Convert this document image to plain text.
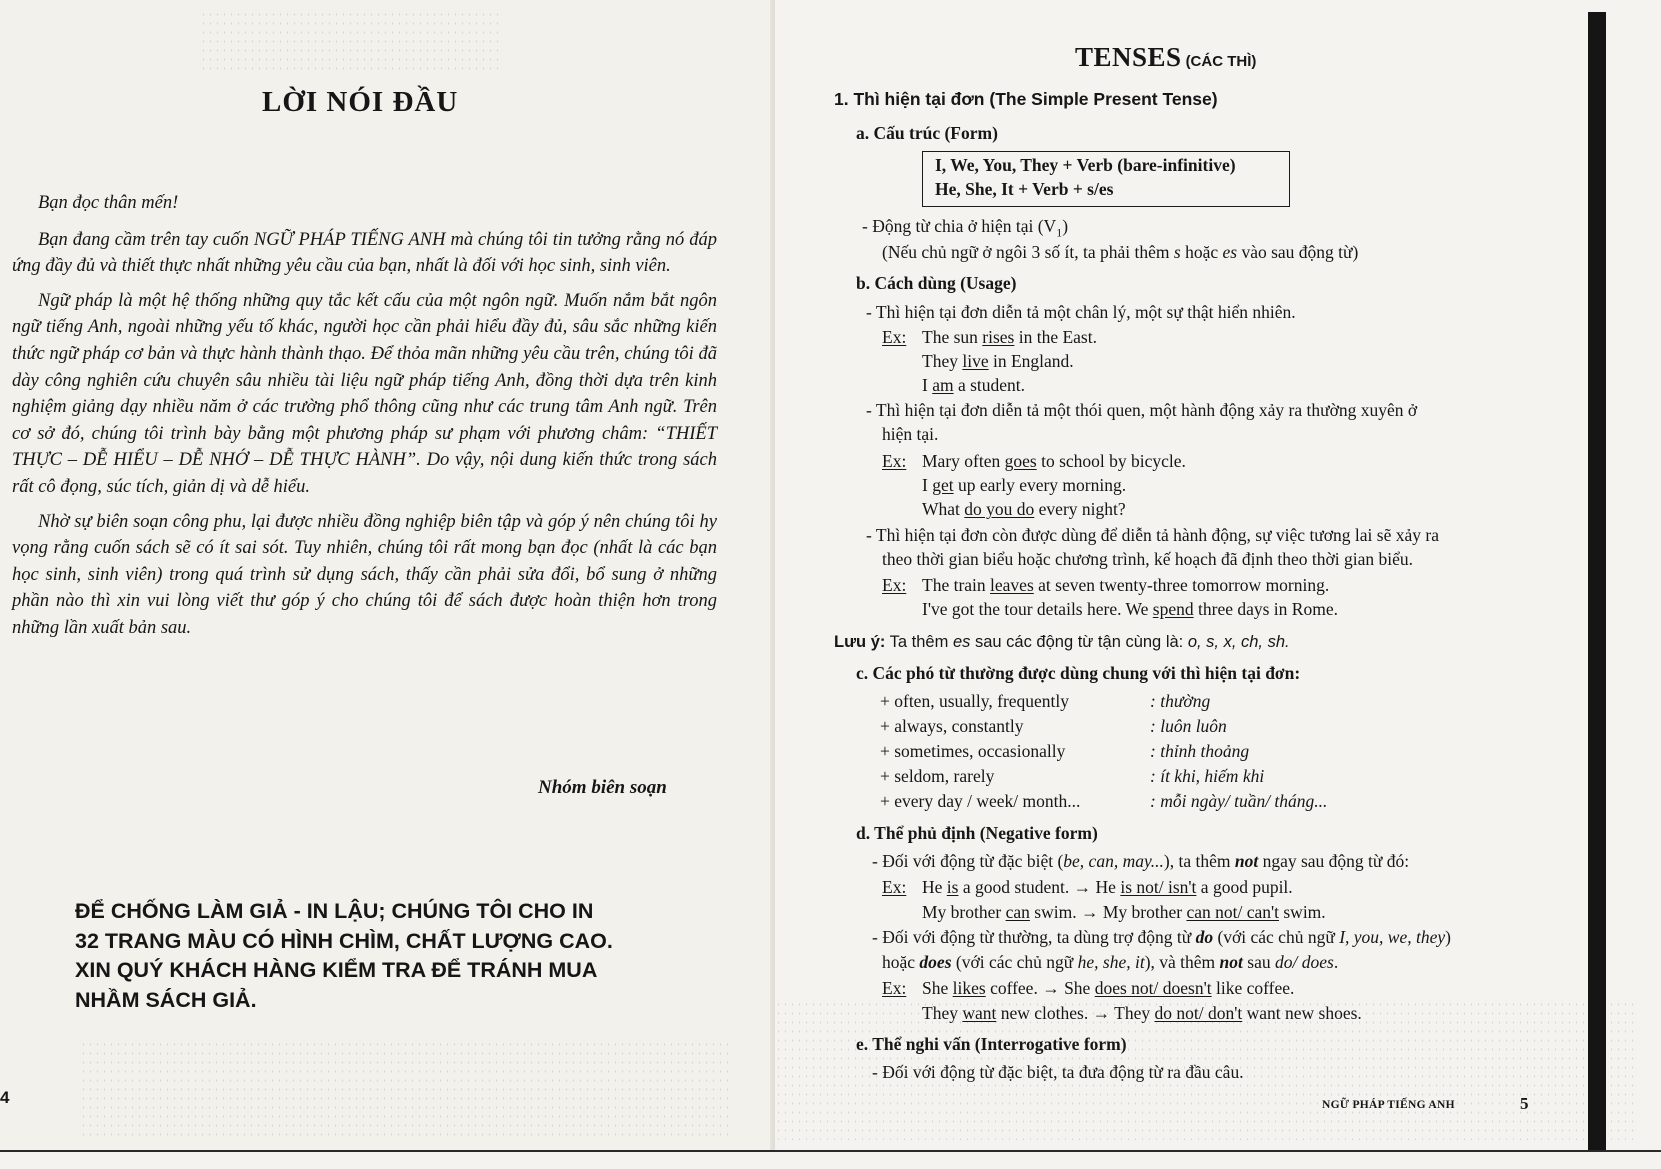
LỜI NÓI ĐẦU

Bạn đọc thân mến!

Bạn đang cầm trên tay cuốn NGỮ PHÁP TIẾNG ANH mà chúng tôi tin tưởng rằng nó đáp ứng đầy đủ và thiết thực nhất những yêu cầu của bạn, nhất là đối với học sinh, sinh viên.

Ngữ pháp là một hệ thống những quy tắc kết cấu của một ngôn ngữ. Muốn nắm bắt ngôn ngữ tiếng Anh, ngoài những yếu tố khác, người học cần phải hiểu đầy đủ, sâu sắc những kiến thức ngữ pháp cơ bản và thực hành thành thạo. Để thỏa mãn những yêu cầu trên, chúng tôi đã dày công nghiên cứu chuyên sâu nhiều tài liệu ngữ pháp tiếng Anh, đồng thời dựa trên kinh nghiệm giảng dạy nhiều năm ở các trường phổ thông cũng như các trung tâm Anh ngữ. Trên cơ sở đó, chúng tôi trình bày bằng một phương pháp sư phạm với phương châm: “THIẾT THỰC – DỄ HIỂU – DỄ NHỚ – DỄ THỰC HÀNH”. Do vậy, nội dung kiến thức trong sách rất cô đọng, súc tích, giản dị và dễ hiểu.

Nhờ sự biên soạn công phu, lại được nhiều đồng nghiệp biên tập và góp ý nên chúng tôi hy vọng rằng cuốn sách sẽ có ít sai sót. Tuy nhiên, chúng tôi rất mong bạn đọc (nhất là các bạn học sinh, sinh viên) trong quá trình sử dụng sách, thấy cần phải sửa đổi, bổ sung ở những phần nào thì xin vui lòng viết thư góp ý cho chúng tôi để sách được hoàn thiện hơn trong những lần xuất bản sau.

Nhóm biên soạn
ĐỂ CHỐNG LÀM GIẢ - IN LẬU; CHÚNG TÔI CHO IN
32 TRANG MÀU CÓ HÌNH CHÌM, CHẤT LƯỢNG CAO.
XIN QUÝ KHÁCH HÀNG KIỂM TRA ĐỂ TRÁNH MUA
NHẦM SÁCH GIẢ.
4
TENSES (CÁC THÌ)
1. Thì hiện tại đơn (The Simple Present Tense)
a. Cấu trúc (Form)
I, We, You, They + Verb (bare-infinitive)
He, She, It + Verb + s/es
- Động từ chia ở hiện tại $(V_1)$
(Nếu chủ ngữ ở ngôi 3 số ít, ta phải thêm s hoặc es vào sau động từ)
b. Cách dùng (Usage)
- Thì hiện tại đơn diễn tả một chân lý, một sự thật hiển nhiên.
Ex: The sun rises in the East.
They live in England.
I am a student.
- Thì hiện tại đơn diễn tả một thói quen, một hành động xảy ra thường xuyên ở
hiện tại.
Ex: Mary often goes to school by bicycle.
I get up early every morning.
What do you do every night?
- Thì hiện tại đơn còn được dùng để diễn tả hành động, sự việc tương lai sẽ xảy ra
theo thời gian biểu hoặc chương trình, kế hoạch đã định theo thời gian biểu.
Ex: The train leaves at seven twenty-three tomorrow morning.
I've got the tour details here. We spend three days in Rome.
Lưu ý: Ta thêm es sau các động từ tận cùng là: o, s, x, ch, sh.
c. Các phó từ thường được dùng chung với thì hiện tại đơn:
+ often, usually, frequently	: thường
+ always, constantly	: luôn luôn
+ sometimes, occasionally	: thỉnh thoảng
+ seldom, rarely	: ít khi, hiếm khi
+ every day / week/ month...	: mỗi ngày/ tuần/ tháng...
d. Thể phủ định (Negative form)
- Đối với động từ đặc biệt (be, can, may...), ta thêm not ngay sau động từ đó:
Ex: He is a good student. → He is not/ isn't a good pupil.
My brother can swim. → My brother can not/ can't swim.
- Đối với động từ thường, ta dùng trợ động từ do (với các chủ ngữ I, you, we, they)
hoặc does (với các chủ ngữ he, she, it), và thêm not sau do/ does.
Ex: She likes coffee. → She does not/ doesn't like coffee.
They want new clothes. → They do not/ don't want new shoes.
e. Thể nghi vấn (Interrogative form)
- Đối với động từ đặc biệt, ta đưa động từ ra đầu câu.
NGỮ PHÁP TIẾNG ANH	5
